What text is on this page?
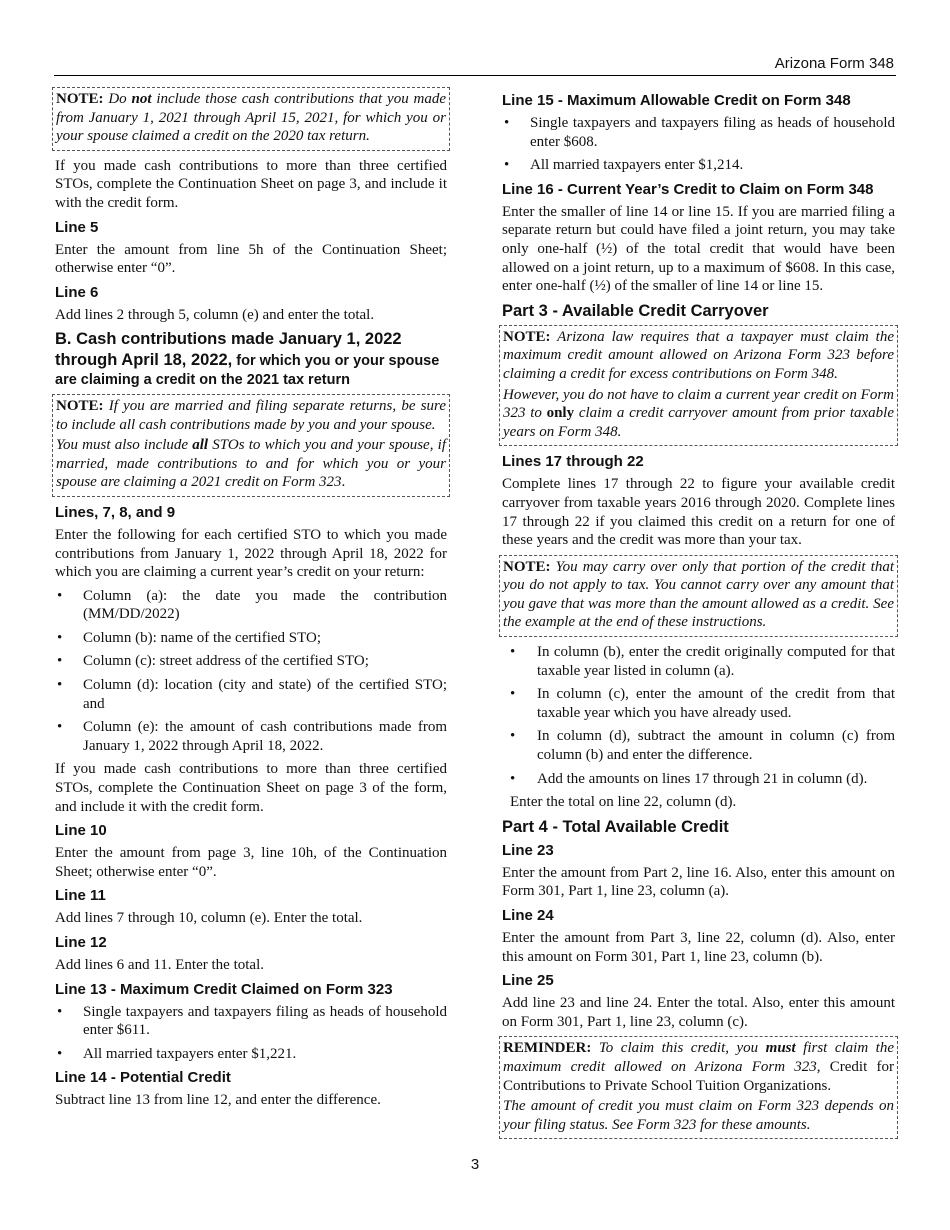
Arizona Form 348

NOTE: Do not include those cash contributions that you made from January 1, 2021 through April 15, 2021, for which you or your spouse claimed a credit on the 2020 tax return.

If you made cash contributions to more than three certified STOs, complete the Continuation Sheet on page 3, and include it with the credit form.

Line 5

Enter the amount from line 5h of the Continuation Sheet; otherwise enter “0”.

Line 6

Add lines 2 through 5, column (e) and enter the total.

B. Cash contributions made January 1, 2022 through April 18, 2022, for which you or your spouse are claiming a credit on the 2021 tax return

NOTE: If you are married and filing separate returns, be sure to include all cash contributions made by you and your spouse.

You must also include all STOs to which you and your spouse, if married, made contributions to and for which you or your spouse are claiming a 2021 credit on Form 323.

Lines, 7, 8, and 9

Enter the following for each certified STO to which you made contributions from January 1, 2022 through April 18, 2022 for which you are claiming a current year’s credit on your return:

• Column (a): the date you made the contribution (MM/DD/2022)
• Column (b): name of the certified STO;
• Column (c): street address of the certified STO;
• Column (d): location (city and state) of the certified STO; and
• Column (e): the amount of cash contributions made from January 1, 2022 through April 18, 2022.

If you made cash contributions to more than three certified STOs, complete the Continuation Sheet on page 3 of the form, and include it with the credit form.

Line 10

Enter the amount from page 3, line 10h, of the Continuation Sheet; otherwise enter “0”.

Line 11

Add lines 7 through 10, column (e). Enter the total.

Line 12

Add lines 6 and 11. Enter the total.

Line 13 - Maximum Credit Claimed on Form 323
• Single taxpayers and taxpayers filing as heads of household enter $611.
• All married taxpayers enter $1,221.
Line 14 - Potential Credit

Subtract line 13 from line 12, and enter the difference.

Line 15 - Maximum Allowable Credit on Form 348
• Single taxpayers and taxpayers filing as heads of household enter $608.
• All married taxpayers enter $1,214.
Line 16 - Current Year’s Credit to Claim on Form 348

Enter the smaller of line 14 or line 15. If you are married filing a separate return but could have filed a joint return, you may take only one-half (½) of the total credit that would have been allowed on a joint return, up to a maximum of $608. In this case, enter one-half (½) of the smaller of line 14 or line 15.

Part 3 - Available Credit Carryover

NOTE: Arizona law requires that a taxpayer must claim the maximum credit amount allowed on Arizona Form 323 before claiming a credit for excess contributions on Form 348.

However, you do not have to claim a current year credit on Form 323 to only claim a credit carryover amount from prior taxable years on Form 348.

Lines 17 through 22

Complete lines 17 through 22 to figure your available credit carryover from taxable years 2016 through 2020. Complete lines 17 through 22 if you claimed this credit on a return for one of these years and the credit was more than your tax.

NOTE: You may carry over only that portion of the credit that you do not apply to tax. You cannot carry over any amount that you gave that was more than the amount allowed as a credit. See the example at the end of these instructions.

• In column (b), enter the credit originally computed for that taxable year listed in column (a).
• In column (c), enter the amount of the credit from that taxable year which you have already used.
• In column (d), subtract the amount in column (c) from column (b) and enter the difference.
• Add the amounts on lines 17 through 21 in column (d).

Enter the total on line 22, column (d).

Part 4 - Total Available Credit
Line 23

Enter the amount from Part 2, line 16. Also, enter this amount on Form 301, Part 1, line 23, column (a).

Line 24

Enter the amount from Part 3, line 22, column (d). Also, enter this amount on Form 301, Part 1, line 23, column (b).

Line 25

Add line 23 and line 24. Enter the total. Also, enter this amount on Form 301, Part 1, line 23, column (c).

REMINDER: To claim this credit, you must first claim the maximum credit allowed on Arizona Form 323, Credit for Contributions to Private School Tuition Organizations.

The amount of credit you must claim on Form 323 depends on your filing status. See Form 323 for these amounts.

3
